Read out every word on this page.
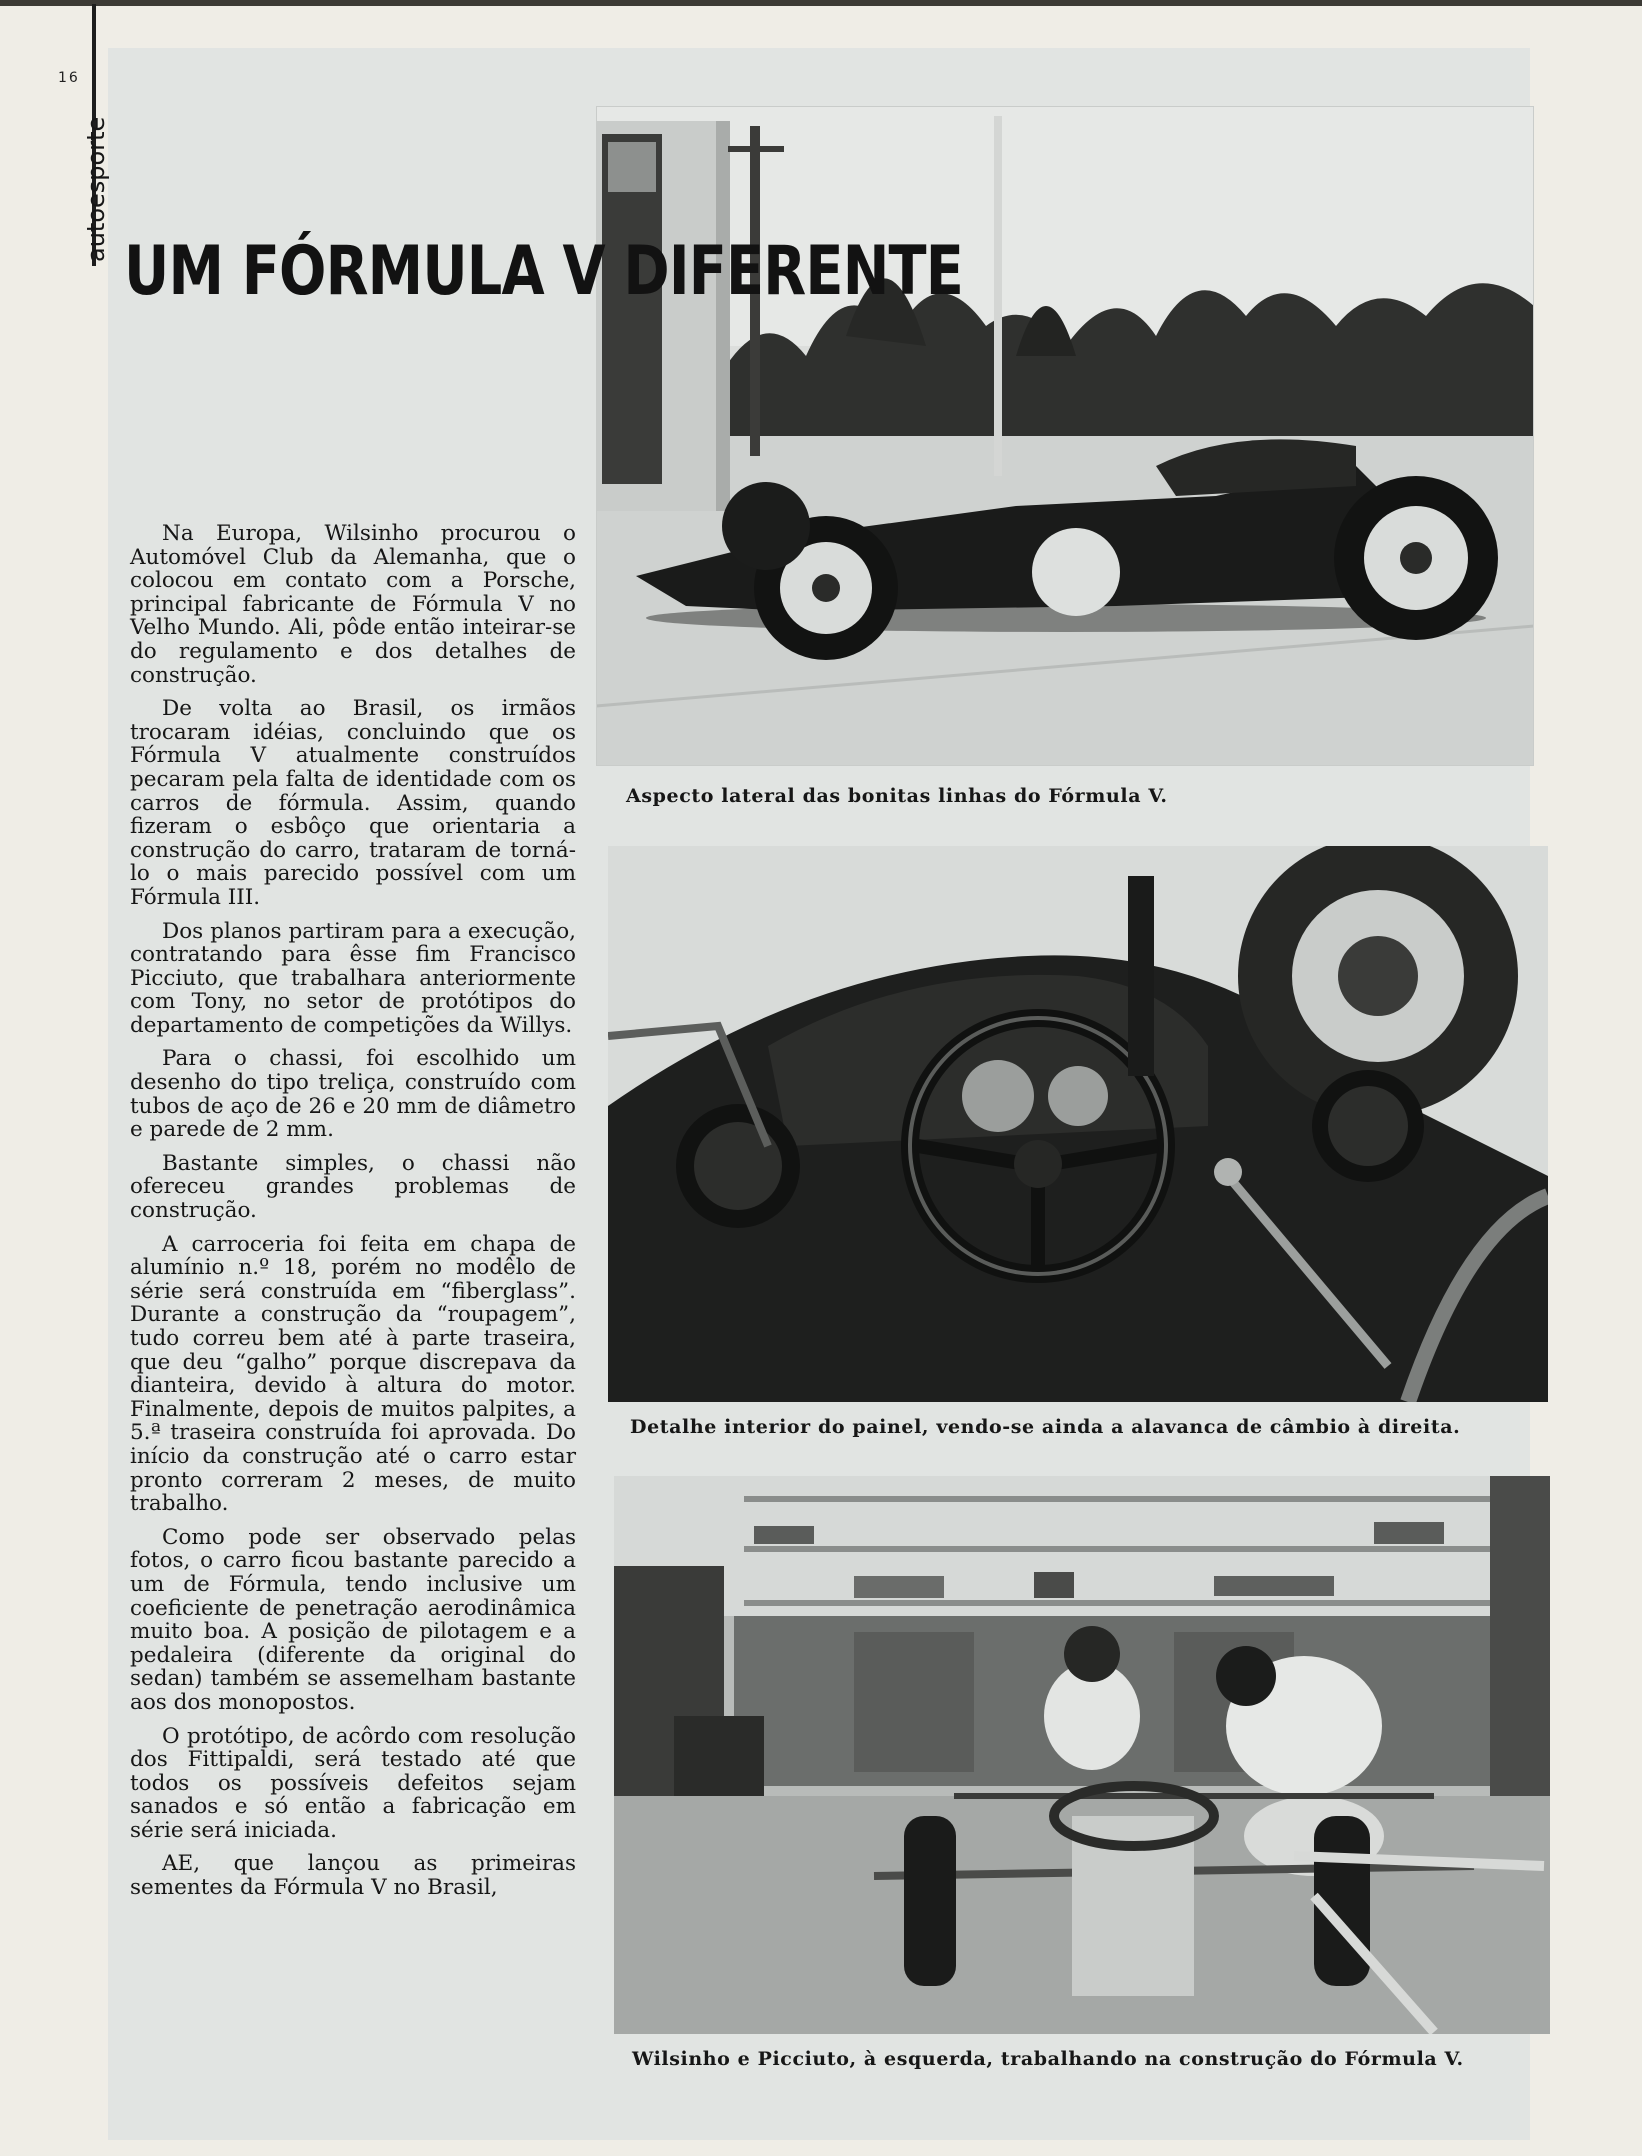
16
autoesporte
UM FÓRMULA V DIFERENTE

Na Europa, Wilsinho procurou o Automóvel Club da Alemanha, que o colocou em contato com a Porsche, principal fabricante de Fórmula V no Velho Mundo. Ali, pôde então inteirar-se do regulamento e dos detalhes de construção.

De volta ao Brasil, os irmãos trocaram idéias, concluindo que os Fórmula V atualmente construídos pecaram pela falta de identidade com os carros de fórmula. Assim, quando fizeram o esbôço que orientaria a construção do carro, trataram de torná-lo o mais parecido possível com um Fórmula III.

Dos planos partiram para a execução, contratando para êsse fim Francisco Picciuto, que trabalhara anteriormente com Tony, no setor de protótipos do departamento de competições da Willys.

Para o chassi, foi escolhido um desenho do tipo treliça, construído com tubos de aço de 26 e 20 mm de diâmetro e parede de 2 mm.

Bastante simples, o chassi não ofereceu grandes problemas de construção.

A carroceria foi feita em chapa de alumínio n.º 18, porém no modêlo de série será construída em “fiberglass”. Durante a construção da “roupagem”, tudo correu bem até à parte traseira, que deu “galho” porque discrepava da dianteira, devido à altura do motor. Finalmente, depois de muitos palpites, a 5.ª traseira construída foi aprovada. Do início da construção até o carro estar pronto correram 2 meses, de muito trabalho.

Como pode ser observado pelas fotos, o carro ficou bastante parecido a um de Fórmula, tendo inclusive um coeficiente de penetração aerodinâmica muito boa. A posição de pilotagem e a pedaleira (diferente da original do sedan) também se assemelham bastante aos dos monopostos.

O protótipo, de acôrdo com resolução dos Fittipaldi, será testado até que todos os possíveis defeitos sejam sanados e só então a fabricação em série será iniciada.

AE, que lançou as primeiras sementes da Fórmula V no Brasil,

Aspecto lateral das bonitas linhas do Fórmula V.
Detalhe interior do painel, vendo-se ainda a alavanca de câmbio à direita.
Wilsinho e Picciuto, à esquerda, trabalhando na construção do Fórmula V.
